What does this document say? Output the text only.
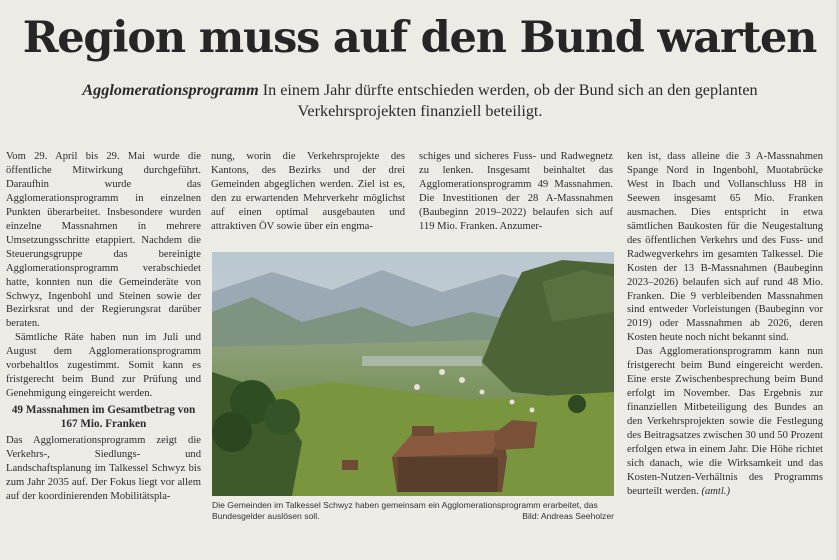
Region muss auf den Bund warten
Agglomerationsprogramm In einem Jahr dürfte entschieden werden, ob der Bund sich an den geplanten Verkehrsprojekten finanziell beteiligt.

Vom 29. April bis 29. Mai wurde die öffentliche Mitwirkung durchgeführt. Daraufhin wurde das Agglomerationsprogramm in einzelnen Punkten überarbeitet. Insbesondere wurden einzelne Massnahmen in mehrere Umsetzungsschritte etappiert. Nachdem die Steuerungsgruppe das bereinigte Agglomerationsprogramm verabschiedet hatte, konnten nun die Gemeinderäte von Schwyz, Ingenbohl und Steinen sowie der Bezirksrat und der Regierungsrat darüber beraten.

Sämtliche Räte haben nun im Juli und August dem Agglomerationsprogramm vorbehaltlos zugestimmt. Somit kann es fristgerecht beim Bund zur Prüfung und Genehmigung eingereicht werden.

49 Massnahmen im Gesamtbetrag von 167 Mio. Franken

Das Agglomerationsprogramm zeigt die Verkehrs-, Siedlungs- und Landschaftsplanung im Talkessel Schwyz bis zum Jahr 2035 auf. Der Fokus liegt vor allem auf der koordinierenden Mobilitätspla-

nung, worin die Verkehrsprojekte des Kantons, des Bezirks und der drei Gemeinden abgeglichen werden. Ziel ist es, den zu erwartenden Mehrverkehr möglichst auf einen optimal ausgebauten und attraktiven ÖV sowie über ein engma-

schiges und sicheres Fuss- und Radwegnetz zu lenken. Insgesamt beinhaltet das Agglomerationsprogramm 49 Massnahmen. Die Investitionen der 28 A-Massnahmen (Baubeginn 2019–2022) belaufen sich auf 119 Mio. Franken. Anzumer-

ken ist, dass alleine die 3 A-Massnahmen Spange Nord in Ingenbohl, Muotabrücke West in Ibach und Vollanschluss H8 in Seewen insgesamt 65 Mio. Franken ausmachen. Dies entspricht in etwa sämtlichen Baukosten für die Neugestaltung des öffentlichen Verkehrs und des Fuss- und Radwegverkehrs im gesamten Talkessel. Die Kosten der 13 B-Massnahmen (Baubeginn 2023–2026) belaufen sich auf rund 48 Mio. Franken. Die 9 verbleibenden Massnahmen sind entweder Vorleistungen (Baubeginn vor 2019) oder Massnahmen ab 2026, deren Kosten heute noch nicht bekannt sind.

Das Agglomerationsprogramm kann nun fristgerecht beim Bund eingereicht werden. Eine erste Zwischenbesprechung beim Bund erfolgt im November. Das Ergebnis zur finanziellen Mitbeteiligung des Bundes an den Verkehrsprojekten sowie die Festlegung des Beitragsatzes zwischen 30 und 50 Prozent erfolgen etwa in einem Jahr. Die Höhe richtet sich danach, wie die Wirksamkeit und das Kosten-Nutzen-Verhältnis des Programms beurteilt werden. (amtl.)

Die Gemeinden im Talkessel Schwyz haben gemeinsam ein Agglomerationsprogramm erarbeitet, das Bundesgelder auslösen soll.	Bild: Andreas Seeholzer
